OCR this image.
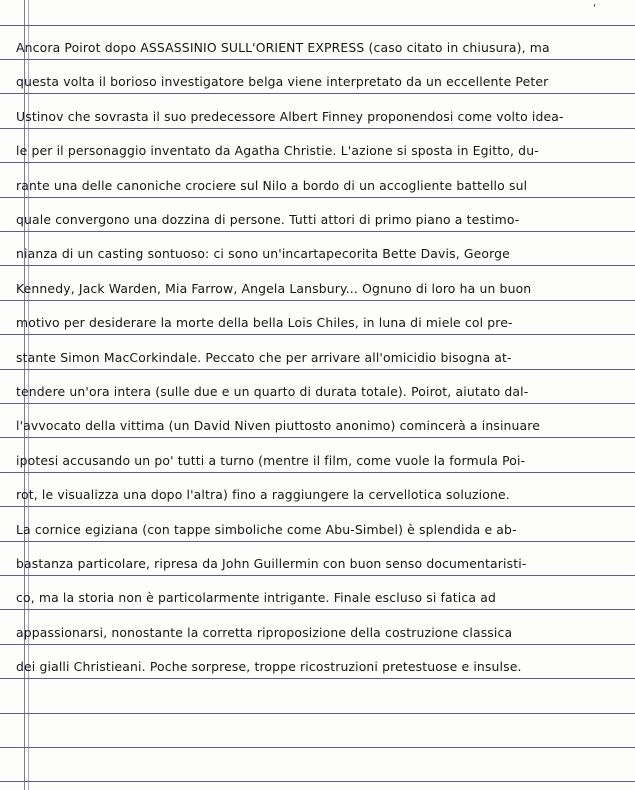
ʼ
Ancora Poirot dopo ASSASSINIO SULL'ORIENT EXPRESS (caso citato in chiusura), ma
questa volta il borioso investigatore belga viene interpretato da un eccellente Peter
Ustinov che sovrasta il suo predecessore Albert Finney proponendosi come volto idea-
le per il personaggio inventato da Agatha Christie. L'azione si sposta in Egitto, du-
rante una delle canoniche crociere sul Nilo a bordo di un accogliente battello sul
quale convergono una dozzina di persone. Tutti attori di primo piano a testimo-
nianza di un casting sontuoso: ci sono un'incartapecorita Bette Davis, George
Kennedy, Jack Warden, Mia Farrow, Angela Lansbury... Ognuno di loro ha un buon
motivo per desiderare la morte della bella Lois Chiles, in luna di miele col pre-
stante Simon MacCorkindale. Peccato che per arrivare all'omicidio bisogna at-
tendere un'ora intera (sulle due e un quarto di durata totale). Poirot, aiutato dal-
l'avvocato della vittima (un David Niven piuttosto anonimo) comincerà a insinuare
ipotesi accusando un po' tutti a turno (mentre il film, come vuole la formula Poi-
rot, le visualizza una dopo l'altra) fino a raggiungere la cervellotica soluzione.
La cornice egiziana (con tappe simboliche come Abu-Simbel) è splendida e ab-
bastanza particolare, ripresa da John Guillermin con buon senso documentaristi-
co, ma la storia non è particolarmente intrigante. Finale escluso si fatica ad
appassionarsi, nonostante la corretta riproposizione della costruzione classica
dei gialli Christieani. Poche sorprese, troppe ricostruzioni pretestuose e insulse.
